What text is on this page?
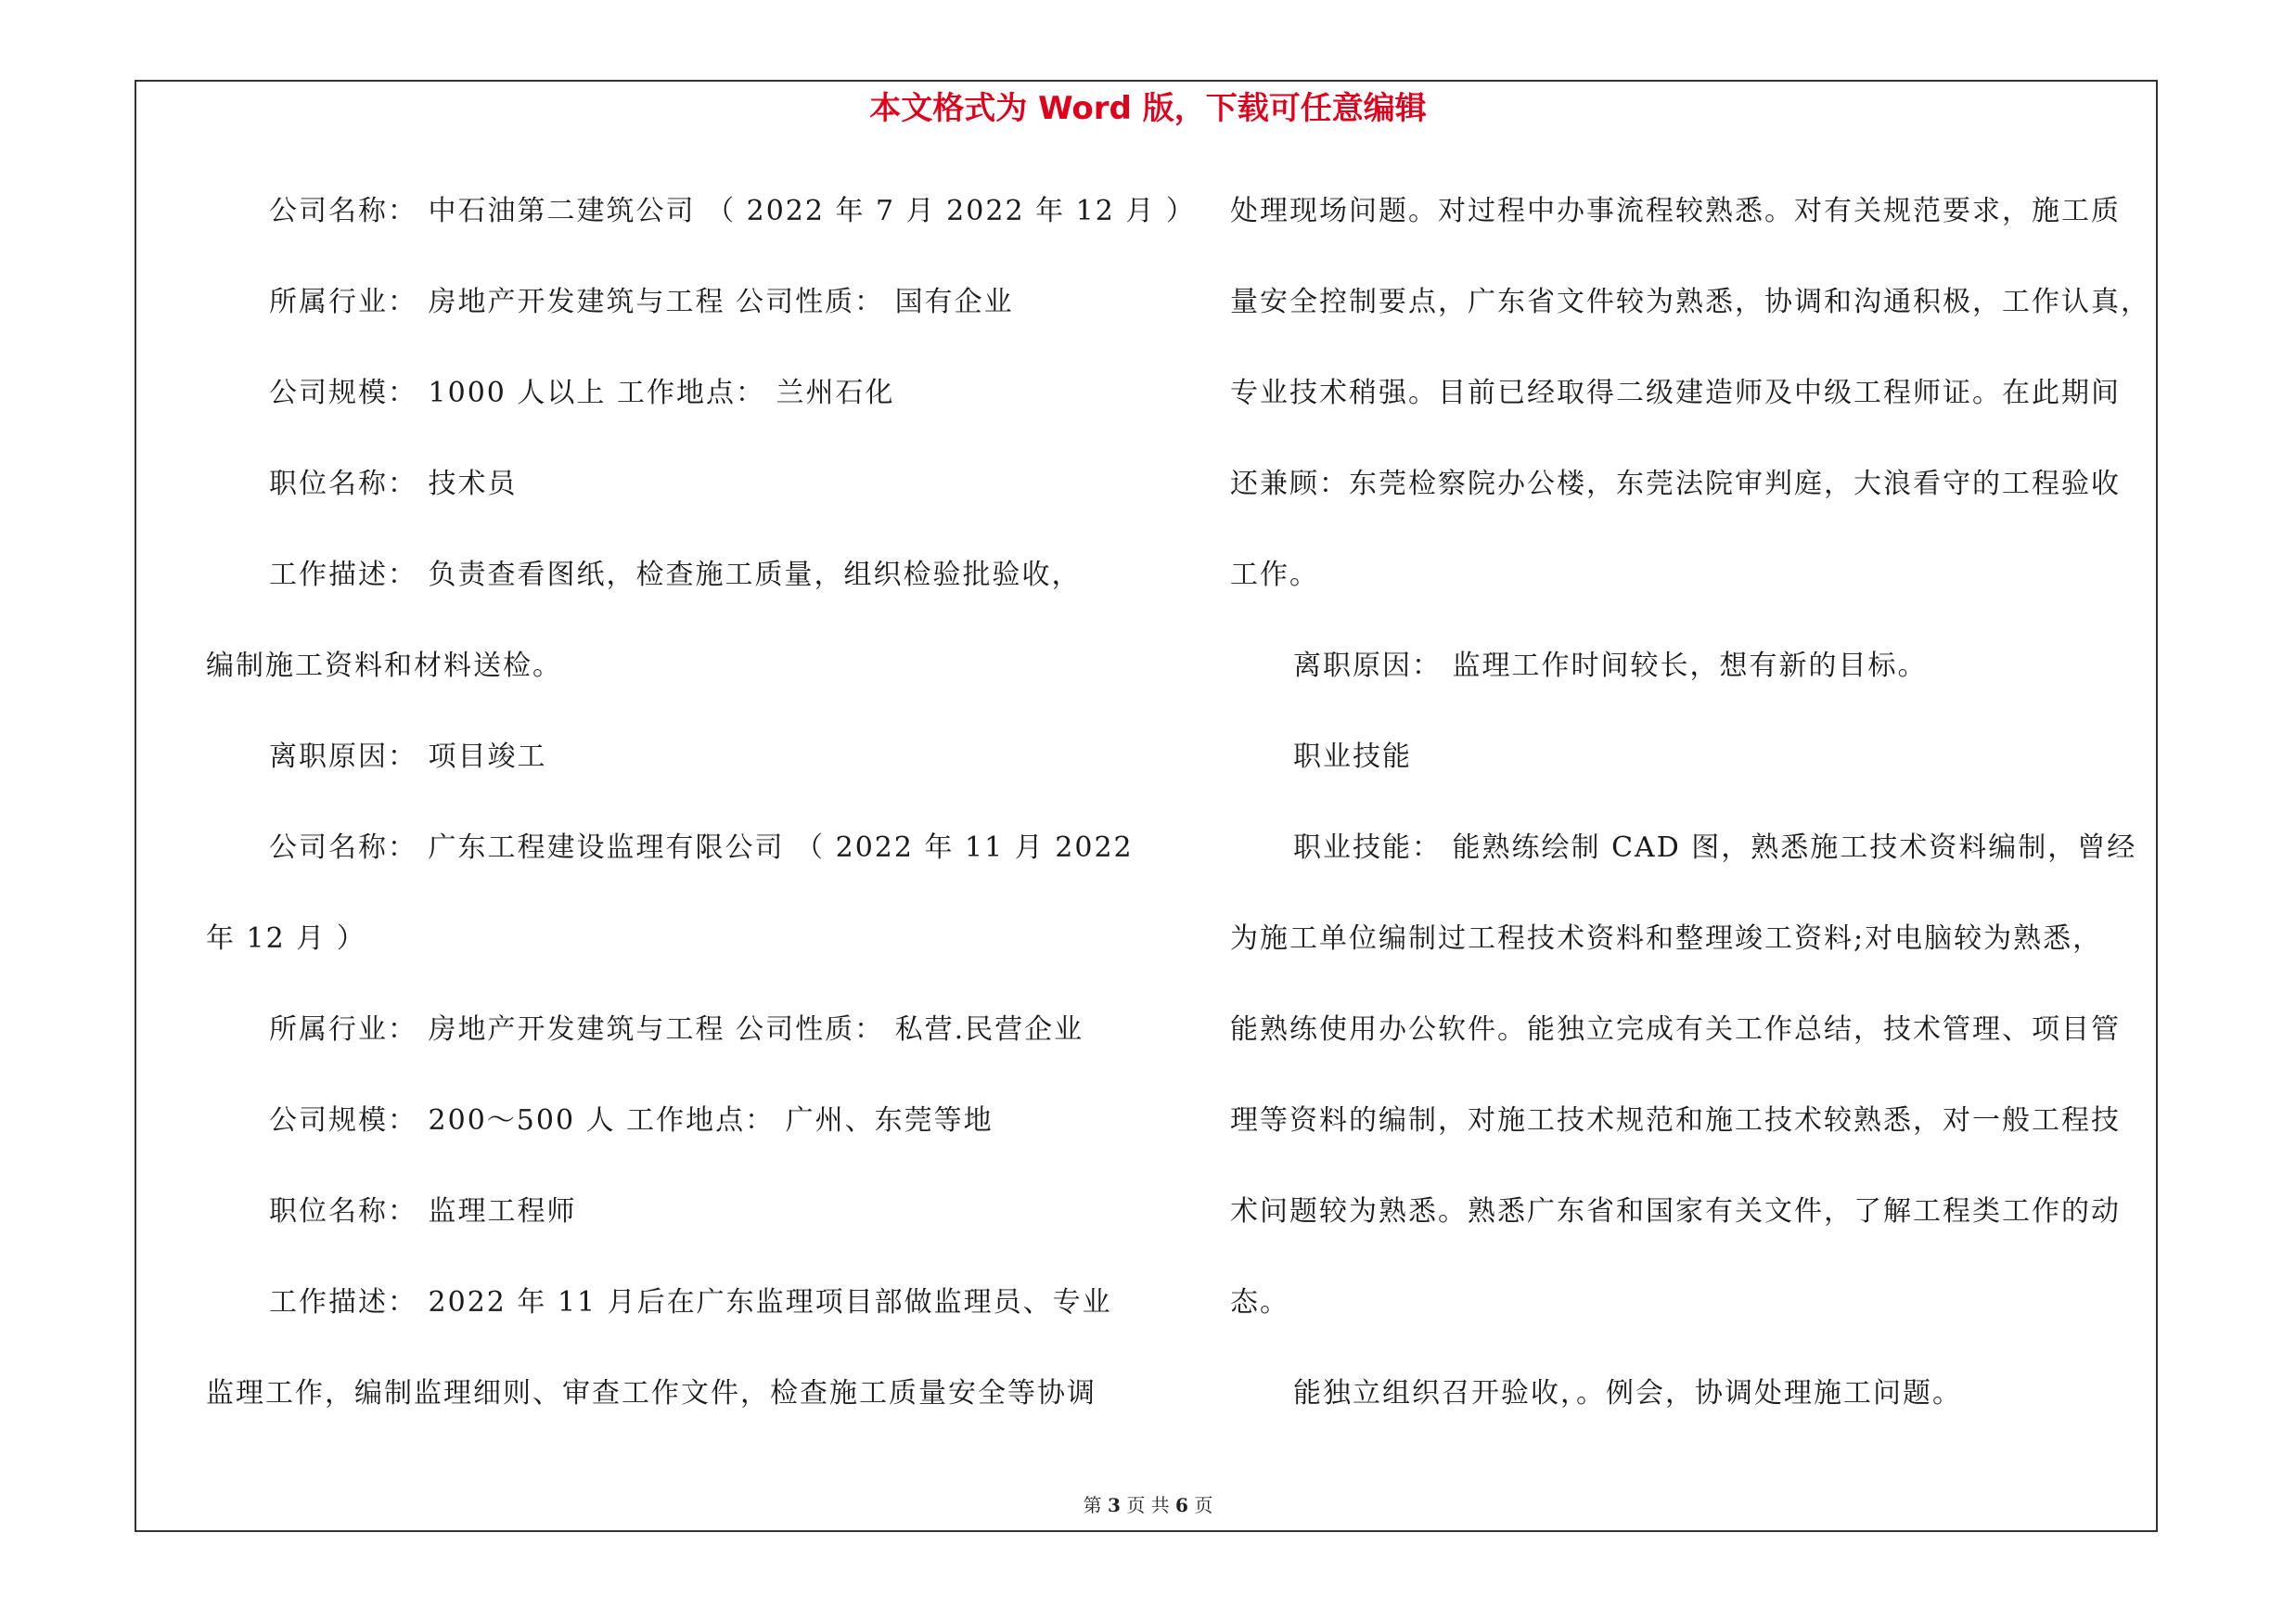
本文格式为 Word 版，下载可任意编辑
公司名称： 中石油第二建筑公司 （ 2022 年 7 月 2022 年 12 月 ）
所属行业： 房地产开发建筑与工程 公司性质： 国有企业
公司规模： 1000 人以上 工作地点： 兰州石化
职位名称： 技术员
工作描述： 负责查看图纸，检查施工质量，组织检验批验收，
编制施工资料和材料送检。
离职原因： 项目竣工
公司名称： 广东工程建设监理有限公司 （ 2022 年 11 月 2022
年 12 月 ）
所属行业： 房地产开发建筑与工程 公司性质： 私营.民营企业
公司规模： 200～500 人 工作地点： 广州、东莞等地
职位名称： 监理工程师
工作描述： 2022 年 11 月后在广东监理项目部做监理员、专业
监理工作，编制监理细则、审查工作文件，检查施工质量安全等协调
处理现场问题。对过程中办事流程较熟悉。对有关规范要求，施工质
量安全控制要点，广东省文件较为熟悉，协调和沟通积极，工作认真，
专业技术稍强。目前已经取得二级建造师及中级工程师证。在此期间
还兼顾：东莞检察院办公楼，东莞法院审判庭，大浪看守的工程验收
工作。
离职原因： 监理工作时间较长，想有新的目标。
职业技能
职业技能： 能熟练绘制 CAD 图，熟悉施工技术资料编制，曾经
为施工单位编制过工程技术资料和整理竣工资料;对电脑较为熟悉，
能熟练使用办公软件。能独立完成有关工作总结，技术管理、项目管
理等资料的编制，对施工技术规范和施工技术较熟悉，对一般工程技
术问题较为熟悉。熟悉广东省和国家有关文件，了解工程类工作的动
态。
能独立组织召开验收，。例会，协调处理施工问题。
第 3 页 共 6 页
